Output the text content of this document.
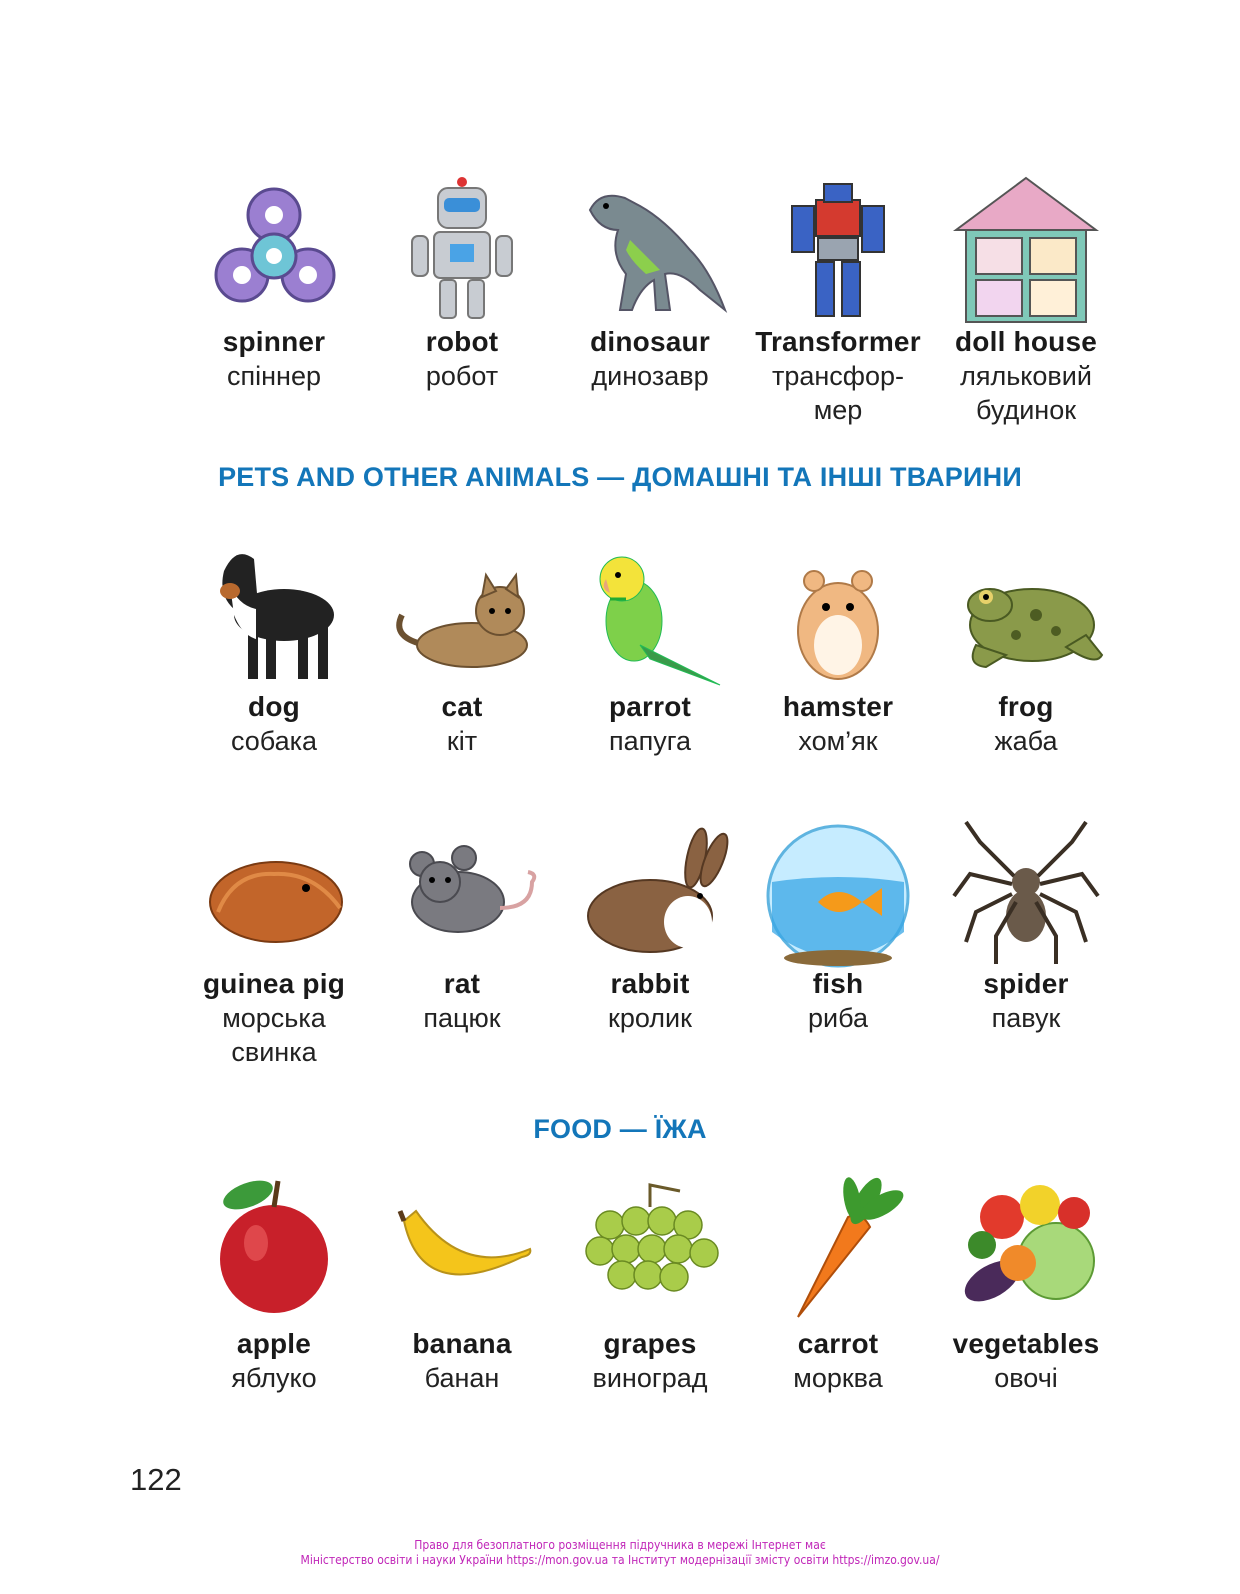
spinner
спіннер
robot
робот
dinosaur
динозавр
Transformer
трансфор-
мер
doll house
ляльковий
будинок
PETS AND OTHER ANIMALS — ДОМАШНІ ТА ІНШІ ТВАРИНИ
dog
собака
cat
кіт
parrot
папуга
hamster
хом’як
frog
жаба
guinea pig
морська
свинка
rat
пацюк
rabbit
кролик
fish
риба
spider
павук
FOOD — ЇЖА
apple
яблуко
banana
банан
grapes
виноград
carrot
морква
vegetables
овочі
122
Право для безоплатного розміщення підручника в мережі Інтернет має
Міністерство освіти і науки України https://mon.gov.ua та Інститут модернізації змісту освіти https://imzo.gov.ua/
